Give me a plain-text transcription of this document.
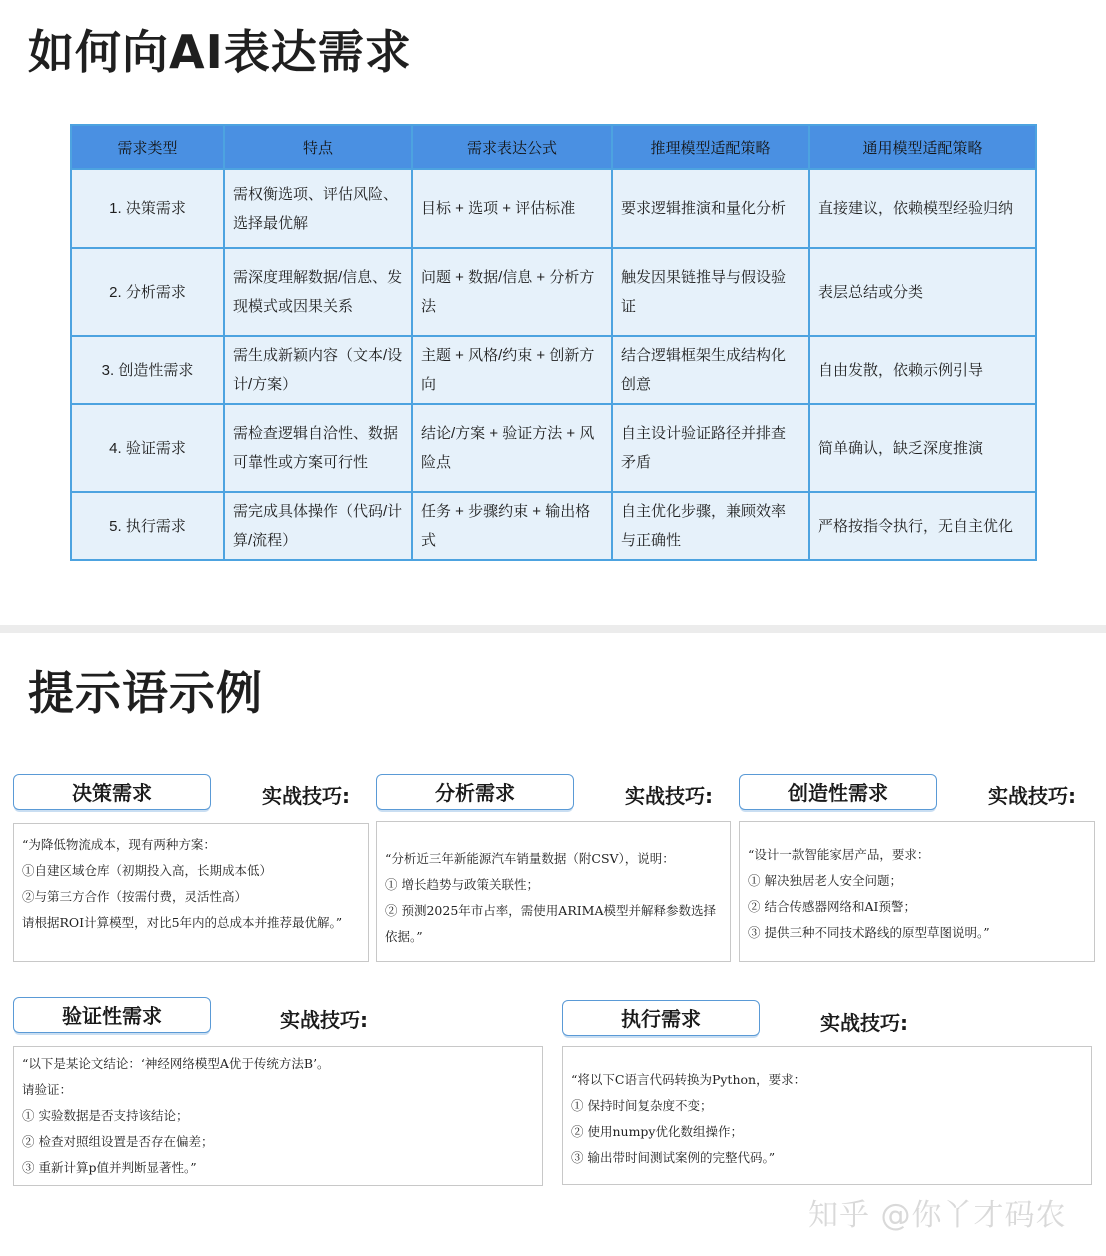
如何向AI表达需求
需求类型	特点	需求表达公式	推理模型适配策略	通用模型适配策略
1. 决策需求	需权衡选项、评估风险、选择最优解	目标 + 选项 + 评估标准	要求逻辑推演和量化分析	直接建议，依赖模型经验归纳
2. 分析需求	需深度理解数据/信息、发现模式或因果关系	问题 + 数据/信息 + 分析方法	触发因果链推导与假设验证	表层总结或分类
3. 创造性需求	需生成新颖内容（文本/设计/方案）	主题 + 风格/约束 + 创新方向	结合逻辑框架生成结构化创意	自由发散，依赖示例引导
4. 验证需求	需检查逻辑自洽性、数据可靠性或方案可行性	结论/方案 + 验证方法 + 风险点	自主设计验证路径并排查矛盾	简单确认，缺乏深度推演
5. 执行需求	需完成具体操作（代码/计算/流程）	任务 + 步骤约束 + 输出格式	自主优化步骤，兼顾效率与正确性	严格按指令执行，无自主优化
提示语示例
决策需求	实战技巧:
“为降低物流成本，现有两种方案：
①自建区域仓库（初期投入高，长期成本低）
②与第三方合作（按需付费，灵活性高）
请根据ROI计算模型，对比5年内的总成本并推荐最优解。”
分析需求	实战技巧:
“分析近三年新能源汽车销量数据（附CSV），说明：
① 增长趋势与政策关联性；
② 预测2025年市占率，需使用ARIMA模型并解释参数选择依据。”
创造性需求	实战技巧:
“设计一款智能家居产品，要求：
① 解决独居老人安全问题；
② 结合传感器网络和AI预警；
③ 提供三种不同技术路线的原型草图说明。”
验证性需求	实战技巧:
“以下是某论文结论：‘神经网络模型A优于传统方法B’。
请验证：
① 实验数据是否支持该结论；
② 检查对照组设置是否存在偏差；
③ 重新计算p值并判断显著性。”
执行需求	实战技巧:
“将以下C语言代码转换为Python，要求：
① 保持时间复杂度不变；
② 使用numpy优化数组操作；
③ 输出带时间测试案例的完整代码。”
知乎 @你丫才码农
